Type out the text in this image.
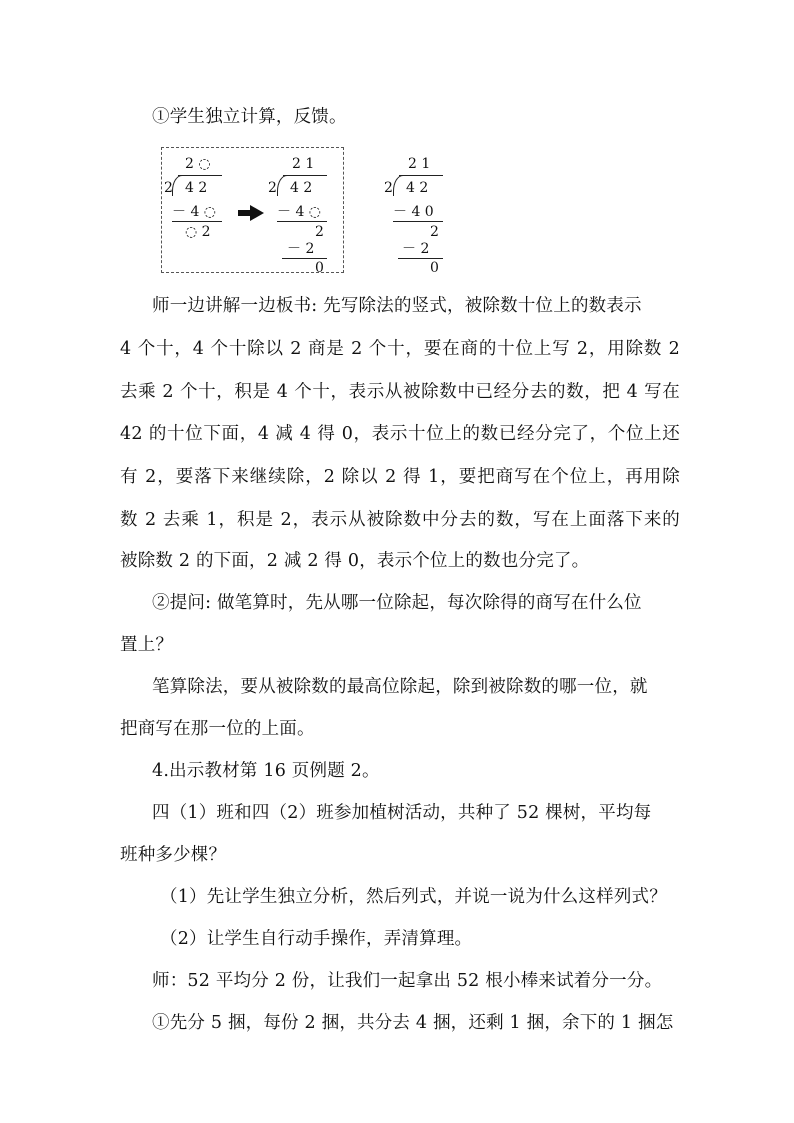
①学生独立计算，反馈。
2 ◌
2 4 2
－ 4 ◌
◌ 2
2 1
2 4 2
－ 4 ◌
2
－ 2
0
2 1
2 4 2
－ 4 0
2
－ 2
0
师一边讲解一边板书: 先写除法的竖式，被除数十位上的数表示
4 个十，4 个十除以 2 商是 2 个十，要在商的十位上写 2，用除数 2
去乘 2 个十，积是 4 个十，表示从被除数中已经分去的数，把 4 写在
42 的十位下面，4 减 4 得 0，表示十位上的数已经分完了，个位上还
有 2，要落下来继续除，2 除以 2 得 1，要把商写在个位上，再用除
数 2 去乘 1，积是 2，表示从被除数中分去的数，写在上面落下来的
被除数 2 的下面，2 减 2 得 0，表示个位上的数也分完了。
②提问: 做笔算时，先从哪一位除起，每次除得的商写在什么位
置上？
笔算除法，要从被除数的最高位除起，除到被除数的哪一位，就
把商写在那一位的上面。
4.出示教材第 16 页例题 2。
四（1）班和四（2）班参加植树活动，共种了 52 棵树，平均每
班种多少棵？
（1）先让学生独立分析，然后列式，并说一说为什么这样列式？
（2）让学生自行动手操作，弄清算理。
师：52 平均分 2 份，让我们一起拿出 52 根小棒来试着分一分。
①先分 5 捆，每份 2 捆，共分去 4 捆，还剩 1 捆，余下的 1 捆怎
